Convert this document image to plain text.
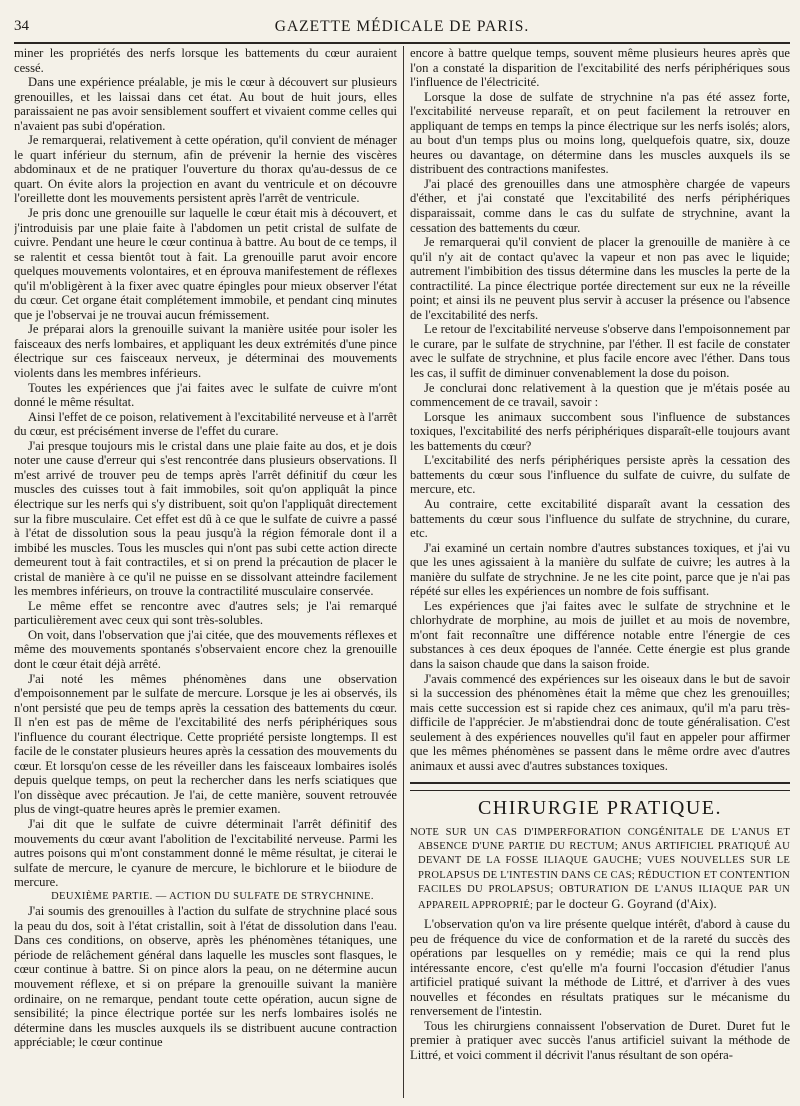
34	GAZETTE MÉDICALE DE PARIS.

miner les propriétés des nerfs lorsque les battements du cœur auraient cessé.

Dans une expérience préalable, je mis le cœur à découvert sur plusieurs grenouilles, et les laissai dans cet état. Au bout de huit jours, elles paraissaient ne pas avoir sensiblement souffert et vivaient comme celles qui n'avaient pas subi d'opération.

Je remarquerai, relativement à cette opération, qu'il convient de ménager le quart inférieur du sternum, afin de prévenir la hernie des viscères abdominaux et de ne pratiquer l'ouverture du thorax qu'au-dessus de ce quart. On évite alors la projection en avant du ventricule et on découvre l'oreillette dont les mouvements persistent après l'arrêt de ventricule.

Je pris donc une grenouille sur laquelle le cœur était mis à découvert, et j'introduisis par une plaie faite à l'abdomen un petit cristal de sulfate de cuivre. Pendant une heure le cœur continua à battre. Au bout de ce temps, il se ralentit et cessa bientôt tout à fait. La grenouille parut avoir encore quelques mouvements volontaires, et en éprouva manifestement de réflexes qu'il m'obligèrent à la fixer avec quatre épingles pour mieux observer l'état du cœur. Cet organe était complétement immobile, et pendant cinq minutes que je l'observai je ne trouvai aucun frémissement.

Je préparai alors la grenouille suivant la manière usitée pour isoler les faisceaux des nerfs lombaires, et appliquant les deux extrémités d'une pince électrique sur ces faisceaux nerveux, je déterminai des mouvements violents dans les membres inférieurs.

Toutes les expériences que j'ai faites avec le sulfate de cuivre m'ont donné le même résultat.

Ainsi l'effet de ce poison, relativement à l'excitabilité nerveuse et à l'arrêt du cœur, est précisément inverse de l'effet du curare.

J'ai presque toujours mis le cristal dans une plaie faite au dos, et je dois noter une cause d'erreur qui s'est rencontrée dans plusieurs observations. Il m'est arrivé de trouver peu de temps après l'arrêt définitif du cœur les muscles des cuisses tout à fait immobiles, soit qu'on appliquât la pince électrique sur les nerfs qui s'y distribuent, soit qu'on l'appliquât directement sur la fibre musculaire. Cet effet est dû à ce que le sulfate de cuivre a passé à l'état de dissolution sous la peau jusqu'à la région fémorale dont il a imbibé les muscles. Tous les muscles qui n'ont pas subi cette action directe demeurent tout à fait contractiles, et si on prend la précaution de placer le cristal de manière à ce qu'il ne puisse en se dissolvant atteindre facilement les membres inférieurs, on trouve la contractilité musculaire conservée.

Le même effet se rencontre avec d'autres sels; je l'ai remarqué particulièrement avec ceux qui sont très-solubles.

On voit, dans l'observation que j'ai citée, que des mouvements réflexes et même des mouvements spontanés s'observaient encore chez la grenouille dont le cœur était déjà arrêté.

J'ai noté les mêmes phénomènes dans une observation d'empoisonnement par le sulfate de mercure. Lorsque je les ai observés, ils n'ont persisté que peu de temps après la cessation des battements du cœur. Il n'en est pas de même de l'excitabilité des nerfs périphériques sous l'influence du courant électrique. Cette propriété persiste longtemps. Il est facile de le constater plusieurs heures après la cessation des mouvements du cœur. Et lorsqu'on cesse de les réveiller dans les faisceaux lombaires isolés depuis quelque temps, on peut la rechercher dans les nerfs sciatiques que l'on dissèque avec précaution. Je l'ai, de cette manière, souvent retrouvée plus de vingt-quatre heures après le premier examen.

J'ai dit que le sulfate de cuivre déterminait l'arrêt définitif des mouvements du cœur avant l'abolition de l'excitabilité nerveuse. Parmi les autres poisons qui m'ont constamment donné le même résultat, je citerai le sulfate de mercure, le cyanure de mercure, le bichlorure et le biiodure de mercure.

DEUXIÈME PARTIE. — ACTION DU SULFATE DE STRYCHNINE.

J'ai soumis des grenouilles à l'action du sulfate de strychnine placé sous la peau du dos, soit à l'état cristallin, soit à l'état de dissolution dans l'eau. Dans ces conditions, on observe, après les phénomènes tétaniques, une période de relâchement général dans laquelle les muscles sont flasques, le cœur continue à battre. Si on pince alors la peau, on ne détermine aucun mouvement réflexe, et si on prépare la grenouille suivant la manière ordinaire, on ne remarque, pendant toute cette opération, aucun signe de sensibilité; la pince électrique portée sur les nerfs lombaires isolés ne détermine dans les muscles auxquels ils se distribuent aucune contraction appréciable; le cœur continue

encore à battre quelque temps, souvent même plusieurs heures après que l'on a constaté la disparition de l'excitabilité des nerfs périphériques sous l'influence de l'électricité.

Lorsque la dose de sulfate de strychnine n'a pas été assez forte, l'excitabilité nerveuse reparaît, et on peut facilement la retrouver en appliquant de temps en temps la pince électrique sur les nerfs isolés; alors, au bout d'un temps plus ou moins long, quelquefois quatre, six, douze heures ou davantage, on détermine dans les muscles auxquels ils se distribuent des contractions manifestes.

J'ai placé des grenouilles dans une atmosphère chargée de vapeurs d'éther, et j'ai constaté que l'excitabilité des nerfs périphériques disparaissait, comme dans le cas du sulfate de strychnine, avant la cessation des battements du cœur.

Je remarquerai qu'il convient de placer la grenouille de manière à ce qu'il n'y ait de contact qu'avec la vapeur et non pas avec le liquide; autrement l'imbibition des tissus détermine dans les muscles la perte de la contractilité. La pince électrique portée directement sur eux ne la réveille point; et ainsi ils ne peuvent plus servir à accuser la présence ou l'absence de l'excitabilité des nerfs.

Le retour de l'excitabilité nerveuse s'observe dans l'empoisonnement par le curare, par le sulfate de strychnine, par l'éther. Il est facile de constater avec le sulfate de strychnine, et plus facile encore avec l'éther. Dans tous les cas, il suffit de diminuer convenablement la dose du poison.

Je conclurai donc relativement à la question que je m'étais posée au commencement de ce travail, savoir :

Lorsque les animaux succombent sous l'influence de substances toxiques, l'excitabilité des nerfs périphériques disparaît-elle toujours avant les battements du cœur?

L'excitabilité des nerfs périphériques persiste après la cessation des battements du cœur sous l'influence du sulfate de cuivre, du sulfate de mercure, etc.

Au contraire, cette excitabilité disparaît avant la cessation des battements du cœur sous l'influence du sulfate de strychnine, du curare, etc.

J'ai examiné un certain nombre d'autres substances toxiques, et j'ai vu que les unes agissaient à la manière du sulfate de cuivre; les autres à la manière du sulfate de strychnine. Je ne les cite point, parce que je n'ai pas répété sur elles les expériences un nombre de fois suffisant.

Les expériences que j'ai faites avec le sulfate de strychnine et le chlorhydrate de morphine, au mois de juillet et au mois de novembre, m'ont fait reconnaître une différence notable entre l'énergie de ces substances à ces deux époques de l'année. Cette énergie est plus grande dans la saison chaude que dans la saison froide.

J'avais commencé des expériences sur les oiseaux dans le but de savoir si la succession des phénomènes était la même que chez les grenouilles; mais cette succession est si rapide chez ces animaux, qu'il m'a paru très-difficile de l'apprécier. Je m'abstiendrai donc de toute généralisation. C'est seulement à des expériences nouvelles qu'il faut en appeler pour affirmer que les mêmes phénomènes se passent dans le même ordre avec d'autres animaux et aussi avec d'autres substances toxiques.

CHIRURGIE PRATIQUE.
NOTE SUR UN CAS D'IMPERFORATION CONGÉNITALE DE L'ANUS ET ABSENCE D'UNE PARTIE DU RECTUM; ANUS ARTIFICIEL PRATIQUÉ AU DEVANT DE LA FOSSE ILIAQUE GAUCHE; VUES NOUVELLES SUR LE PROLAPSUS DE L'INTESTIN DANS CE CAS; RÉDUCTION ET CONTENTION FACILES DU PROLAPSUS; OBTURATION DE L'ANUS ILIAQUE PAR UN APPAREIL APPROPRIÉ; par le docteur G. Goyrand (d'Aix).

L'observation qu'on va lire présente quelque intérêt, d'abord à cause du peu de fréquence du vice de conformation et de la rareté du succès des opérations par lesquelles on y remédie; mais ce qui la rend plus intéressante encore, c'est qu'elle m'a fourni l'occasion d'étudier l'anus artificiel pratiqué suivant la méthode de Littré, et d'arriver à des vues nouvelles et fécondes en résultats pratiques sur le mécanisme du renversement de l'intestin.

Tous les chirurgiens connaissent l'observation de Duret. Duret fut le premier à pratiquer avec succès l'anus artificiel suivant la méthode de Littré, et voici comment il décrivit l'anus résultant de son opéra-
